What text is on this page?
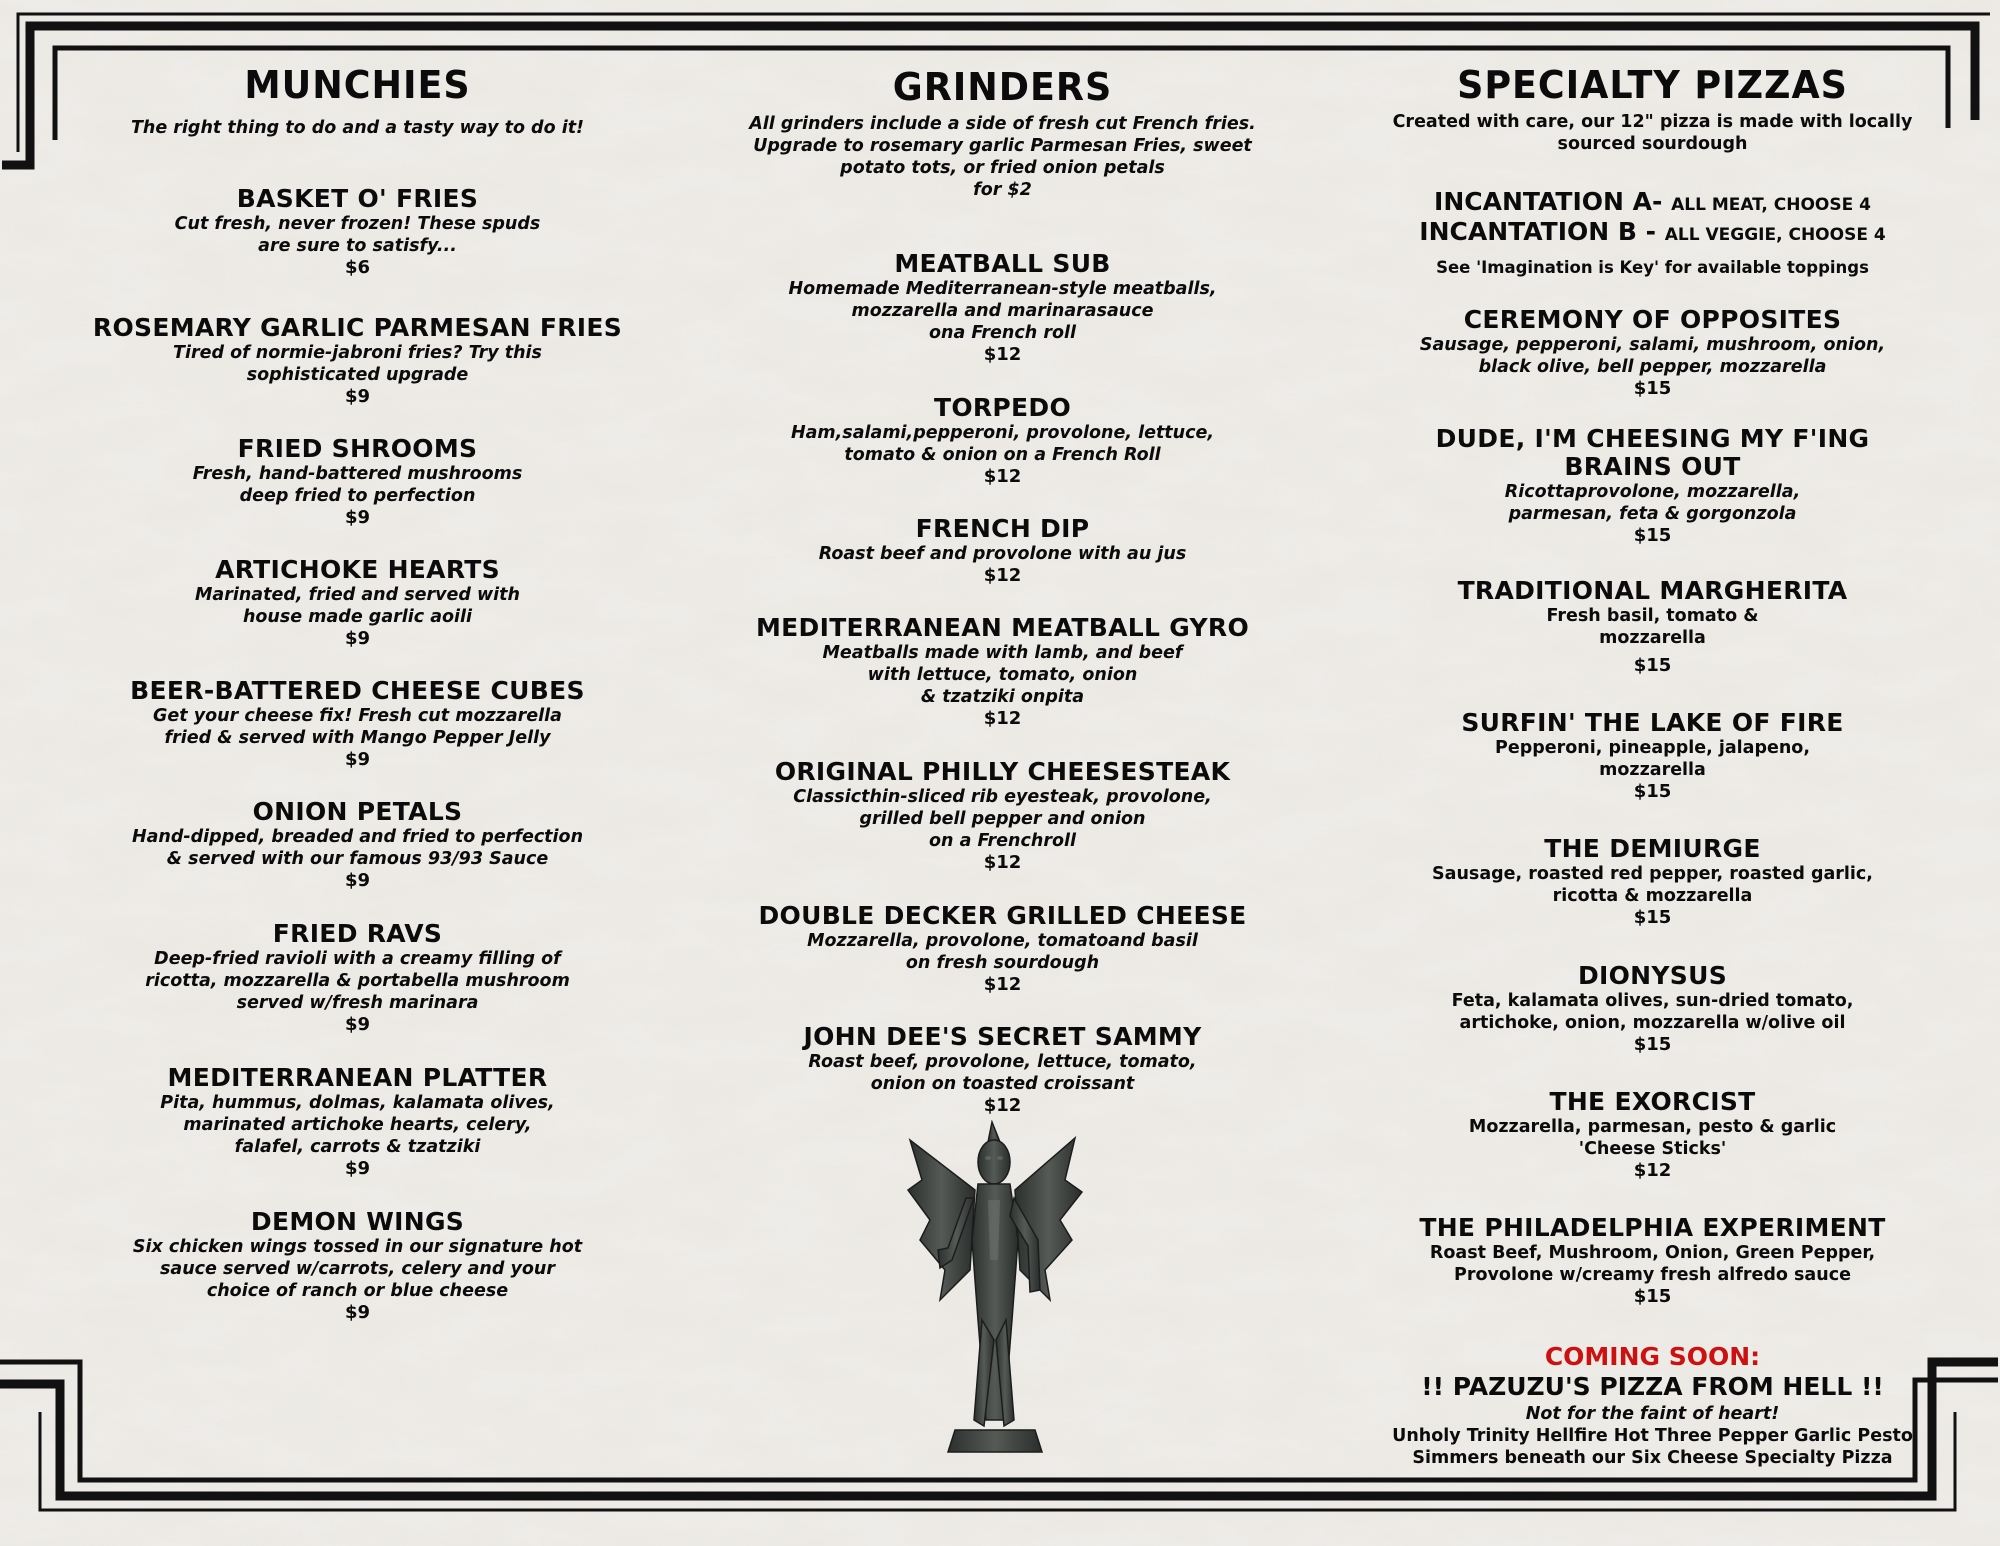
MUNCHIES
The right thing to do and a tasty way to do it!
BASKET O' FRIES
Cut fresh, never frozen! These spuds
are sure to satisfy...
$6
ROSEMARY GARLIC PARMESAN FRIES
Tired of normie-jabroni fries? Try this
sophisticated upgrade
$9
FRIED SHROOMS
Fresh, hand-battered mushrooms
deep fried to perfection
$9
ARTICHOKE HEARTS
Marinated, fried and served with
house made garlic aoili
$9
BEER-BATTERED CHEESE CUBES
Get your cheese fix! Fresh cut mozzarella
fried & served with Mango Pepper Jelly
$9
ONION PETALS
Hand-dipped, breaded and fried to perfection
& served with our famous 93/93 Sauce
$9
FRIED RAVS
Deep-fried ravioli with a creamy filling of
ricotta, mozzarella & portabella mushroom
served w/fresh marinara
$9
MEDITERRANEAN PLATTER
Pita, hummus, dolmas, kalamata olives,
marinated artichoke hearts, celery,
falafel, carrots & tzatziki
$9
DEMON WINGS
Six chicken wings tossed in our signature hot
sauce served w/carrots, celery and your
choice of ranch or blue cheese
$9
GRINDERS
All grinders include a side of fresh cut French fries.
Upgrade to rosemary garlic Parmesan Fries, sweet
potato tots, or fried onion petals
for $2
MEATBALL SUB
Homemade Mediterranean-style meatballs,
mozzarella and marinarasauce
ona French roll
$12
TORPEDO
Ham,salami,pepperoni, provolone, lettuce,
tomato & onion on a French Roll
$12
FRENCH DIP
Roast beef and provolone with au jus
$12
MEDITERRANEAN MEATBALL GYRO
Meatballs made with lamb, and beef
with lettuce, tomato, onion
& tzatziki onpita
$12
ORIGINAL PHILLY CHEESESTEAK
Classicthin-sliced rib eyesteak, provolone,
grilled bell pepper and onion
on a Frenchroll
$12
DOUBLE DECKER GRILLED CHEESE
Mozzarella, provolone, tomatoand basil
on fresh sourdough
$12
JOHN DEE'S SECRET SAMMY
Roast beef, provolone, lettuce, tomato,
onion on toasted croissant
$12
SPECIALTY PIZZAS
Created with care, our 12" pizza is made with locally
sourced sourdough
INCANTATION A- ALL MEAT, CHOOSE 4
INCANTATION B - ALL VEGGIE, CHOOSE 4
See 'Imagination is Key' for available toppings
CEREMONY OF OPPOSITES
Sausage, pepperoni, salami, mushroom, onion,
black olive, bell pepper, mozzarella
$15
DUDE, I'M CHEESING MY F'ING
BRAINS OUT
Ricottaprovolone, mozzarella,
parmesan, feta & gorgonzola
$15
TRADITIONAL MARGHERITA
Fresh basil, tomato &
mozzarella
$15
SURFIN' THE LAKE OF FIRE
Pepperoni, pineapple, jalapeno,
mozzarella
$15
THE DEMIURGE
Sausage, roasted red pepper, roasted garlic,
ricotta & mozzarella
$15
DIONYSUS
Feta, kalamata olives, sun-dried tomato,
artichoke, onion, mozzarella w/olive oil
$15
THE EXORCIST
Mozzarella, parmesan, pesto & garlic
'Cheese Sticks'
$12
THE PHILADELPHIA EXPERIMENT
Roast Beef, Mushroom, Onion, Green Pepper,
Provolone w/creamy fresh alfredo sauce
$15
COMING SOON:
!! PAZUZU'S PIZZA FROM HELL !!
Not for the faint of heart!
Unholy Trinity Hellfire Hot Three Pepper Garlic Pesto
Simmers beneath our Six Cheese Specialty Pizza
